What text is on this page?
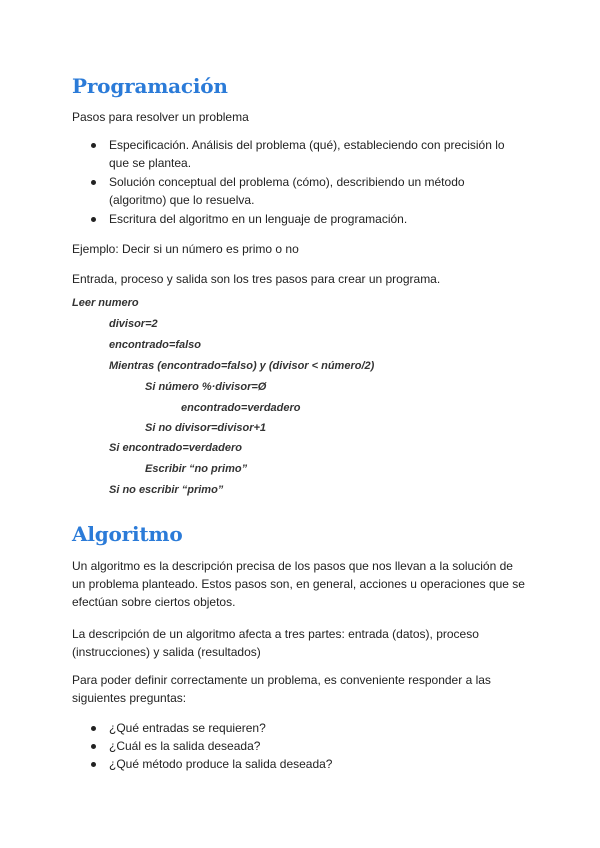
Programación
Pasos para resolver un problema
Especificación. Análisis del problema (qué), estableciendo con precisión lo
que se plantea.
Solución conceptual del problema (cómo), describiendo un método
(algoritmo) que lo resuelva.
Escritura del algoritmo en un lenguaje de programación.
Ejemplo: Decir si un número es primo o no
Entrada, proceso y salida son los tres pasos para crear un programa.
Leer numero
divisor=2
encontrado=falso
Mientras (encontrado=falso) y (divisor < número/2)
Si número %·divisor=Ø
encontrado=verdadero
Si no divisor=divisor+1
Si encontrado=verdadero
Escribir “no primo”
Si no escribir “primo”
Algoritmo
Un algoritmo es la descripción precisa de los pasos que nos llevan a la solución de
un problema planteado. Estos pasos son, en general, acciones u operaciones que se
efectúan sobre ciertos objetos.
La descripción de un algoritmo afecta a tres partes: entrada (datos), proceso
(instrucciones) y salida (resultados)
Para poder definir correctamente un problema, es conveniente responder a las
siguientes preguntas:
¿Qué entradas se requieren?
¿Cuál es la salida deseada?
¿Qué método produce la salida deseada?
